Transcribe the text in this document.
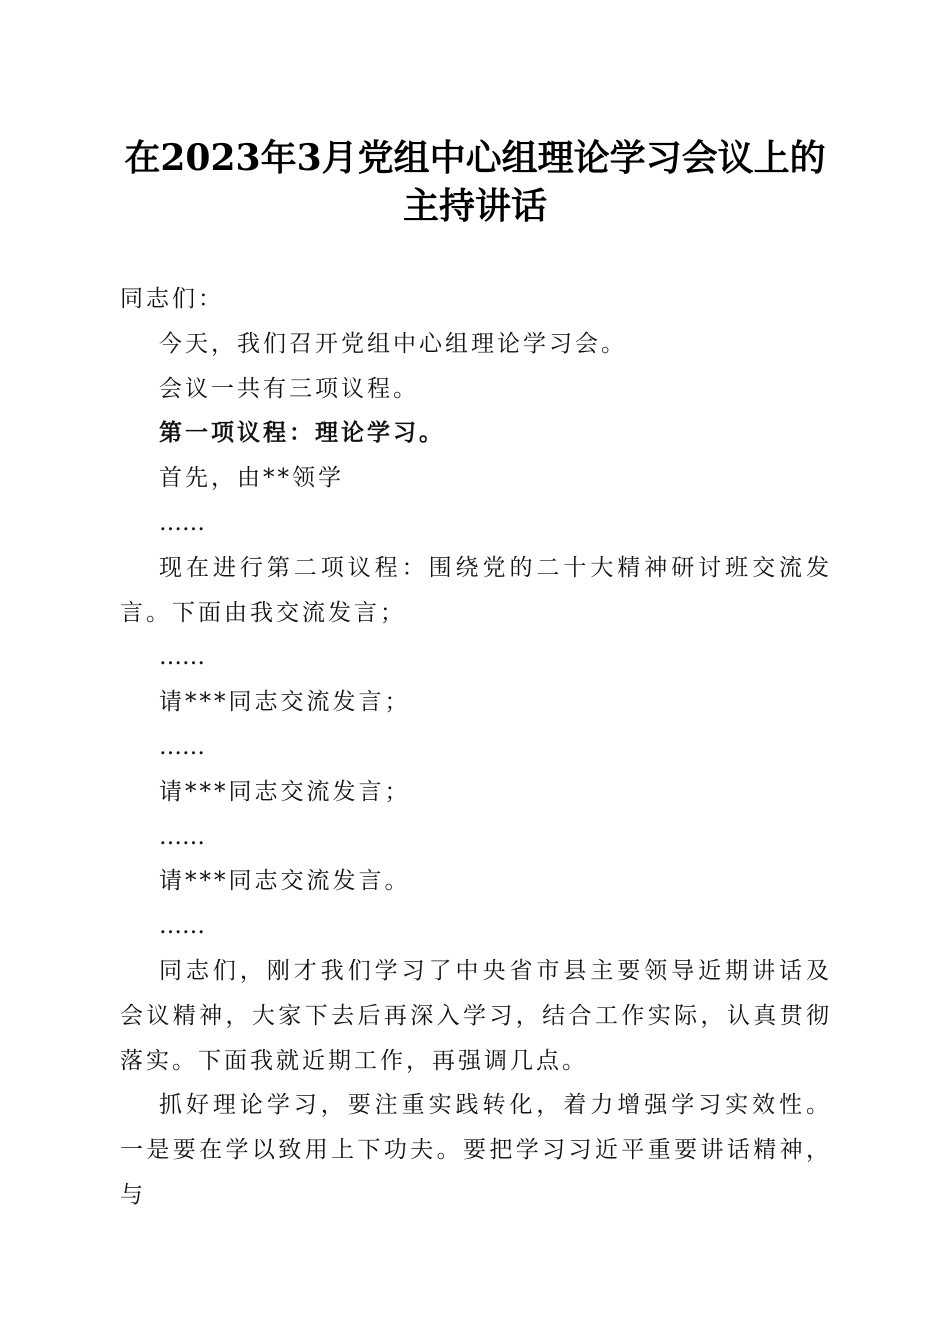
在2023年3月党组中心组理论学习会议上的
主持讲话

同志们：

今天，我们召开党组中心组理论学习会。

会议一共有三项议程。

第一项议程：理论学习。

首先，由**领学

……

现在进行第二项议程：围绕党的二十大精神研讨班交流发言。下面由我交流发言；

……

请***同志交流发言；

……

请***同志交流发言；

……

请***同志交流发言。

……

同志们，刚才我们学习了中央省市县主要领导近期讲话及会议精神，大家下去后再深入学习，结合工作实际，认真贯彻落实。下面我就近期工作，再强调几点。

抓好理论学习，要注重实践转化，着力增强学习实效性。一是要在学以致用上下功夫。要把学习习近平重要讲话精神，与
